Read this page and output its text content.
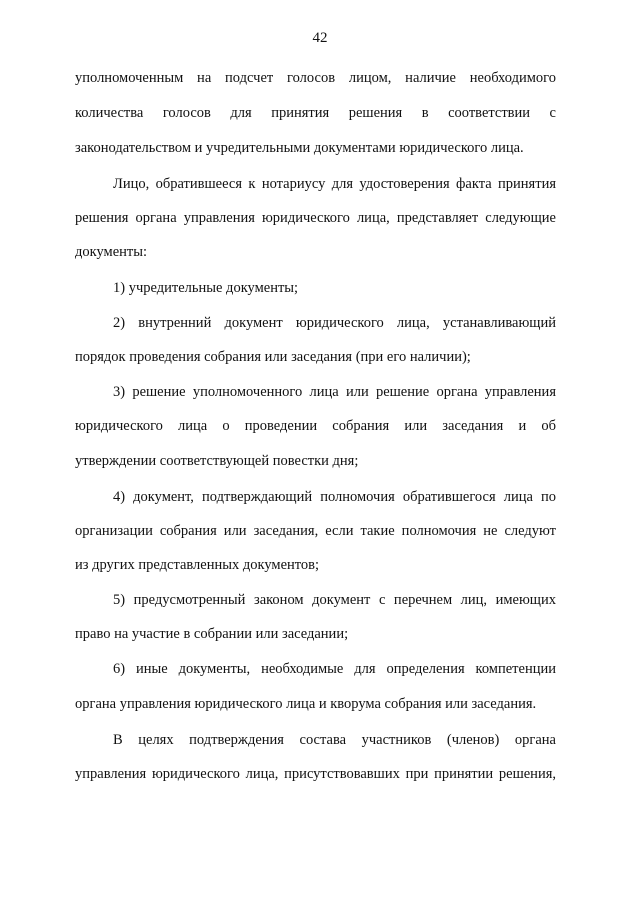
42
уполномоченным на подсчет голосов лицом, наличие необходимого
количества голосов для принятия решения в соответствии с
законодательством и учредительными документами юридического лица.
Лицо, обратившееся к нотариусу для удостоверения факта принятия
решения органа управления юридического лица, представляет следующие
документы:
1) учредительные документы;
2) внутренний документ юридического лица, устанавливающий
порядок проведения собрания или заседания (при его наличии);
3) решение уполномоченного лица или решение органа управления
юридического лица о проведении собрания или заседания и об
утверждении соответствующей повестки дня;
4) документ, подтверждающий полномочия обратившегося лица по
организации собрания или заседания, если такие полномочия не следуют
из других представленных документов;
5) предусмотренный законом документ с перечнем лиц, имеющих
право на участие в собрании или заседании;
6) иные документы, необходимые для определения компетенции
органа управления юридического лица и кворума собрания или заседания.
В целях подтверждения состава участников (членов) органа
управления юридического лица, присутствовавших при принятии решения,
